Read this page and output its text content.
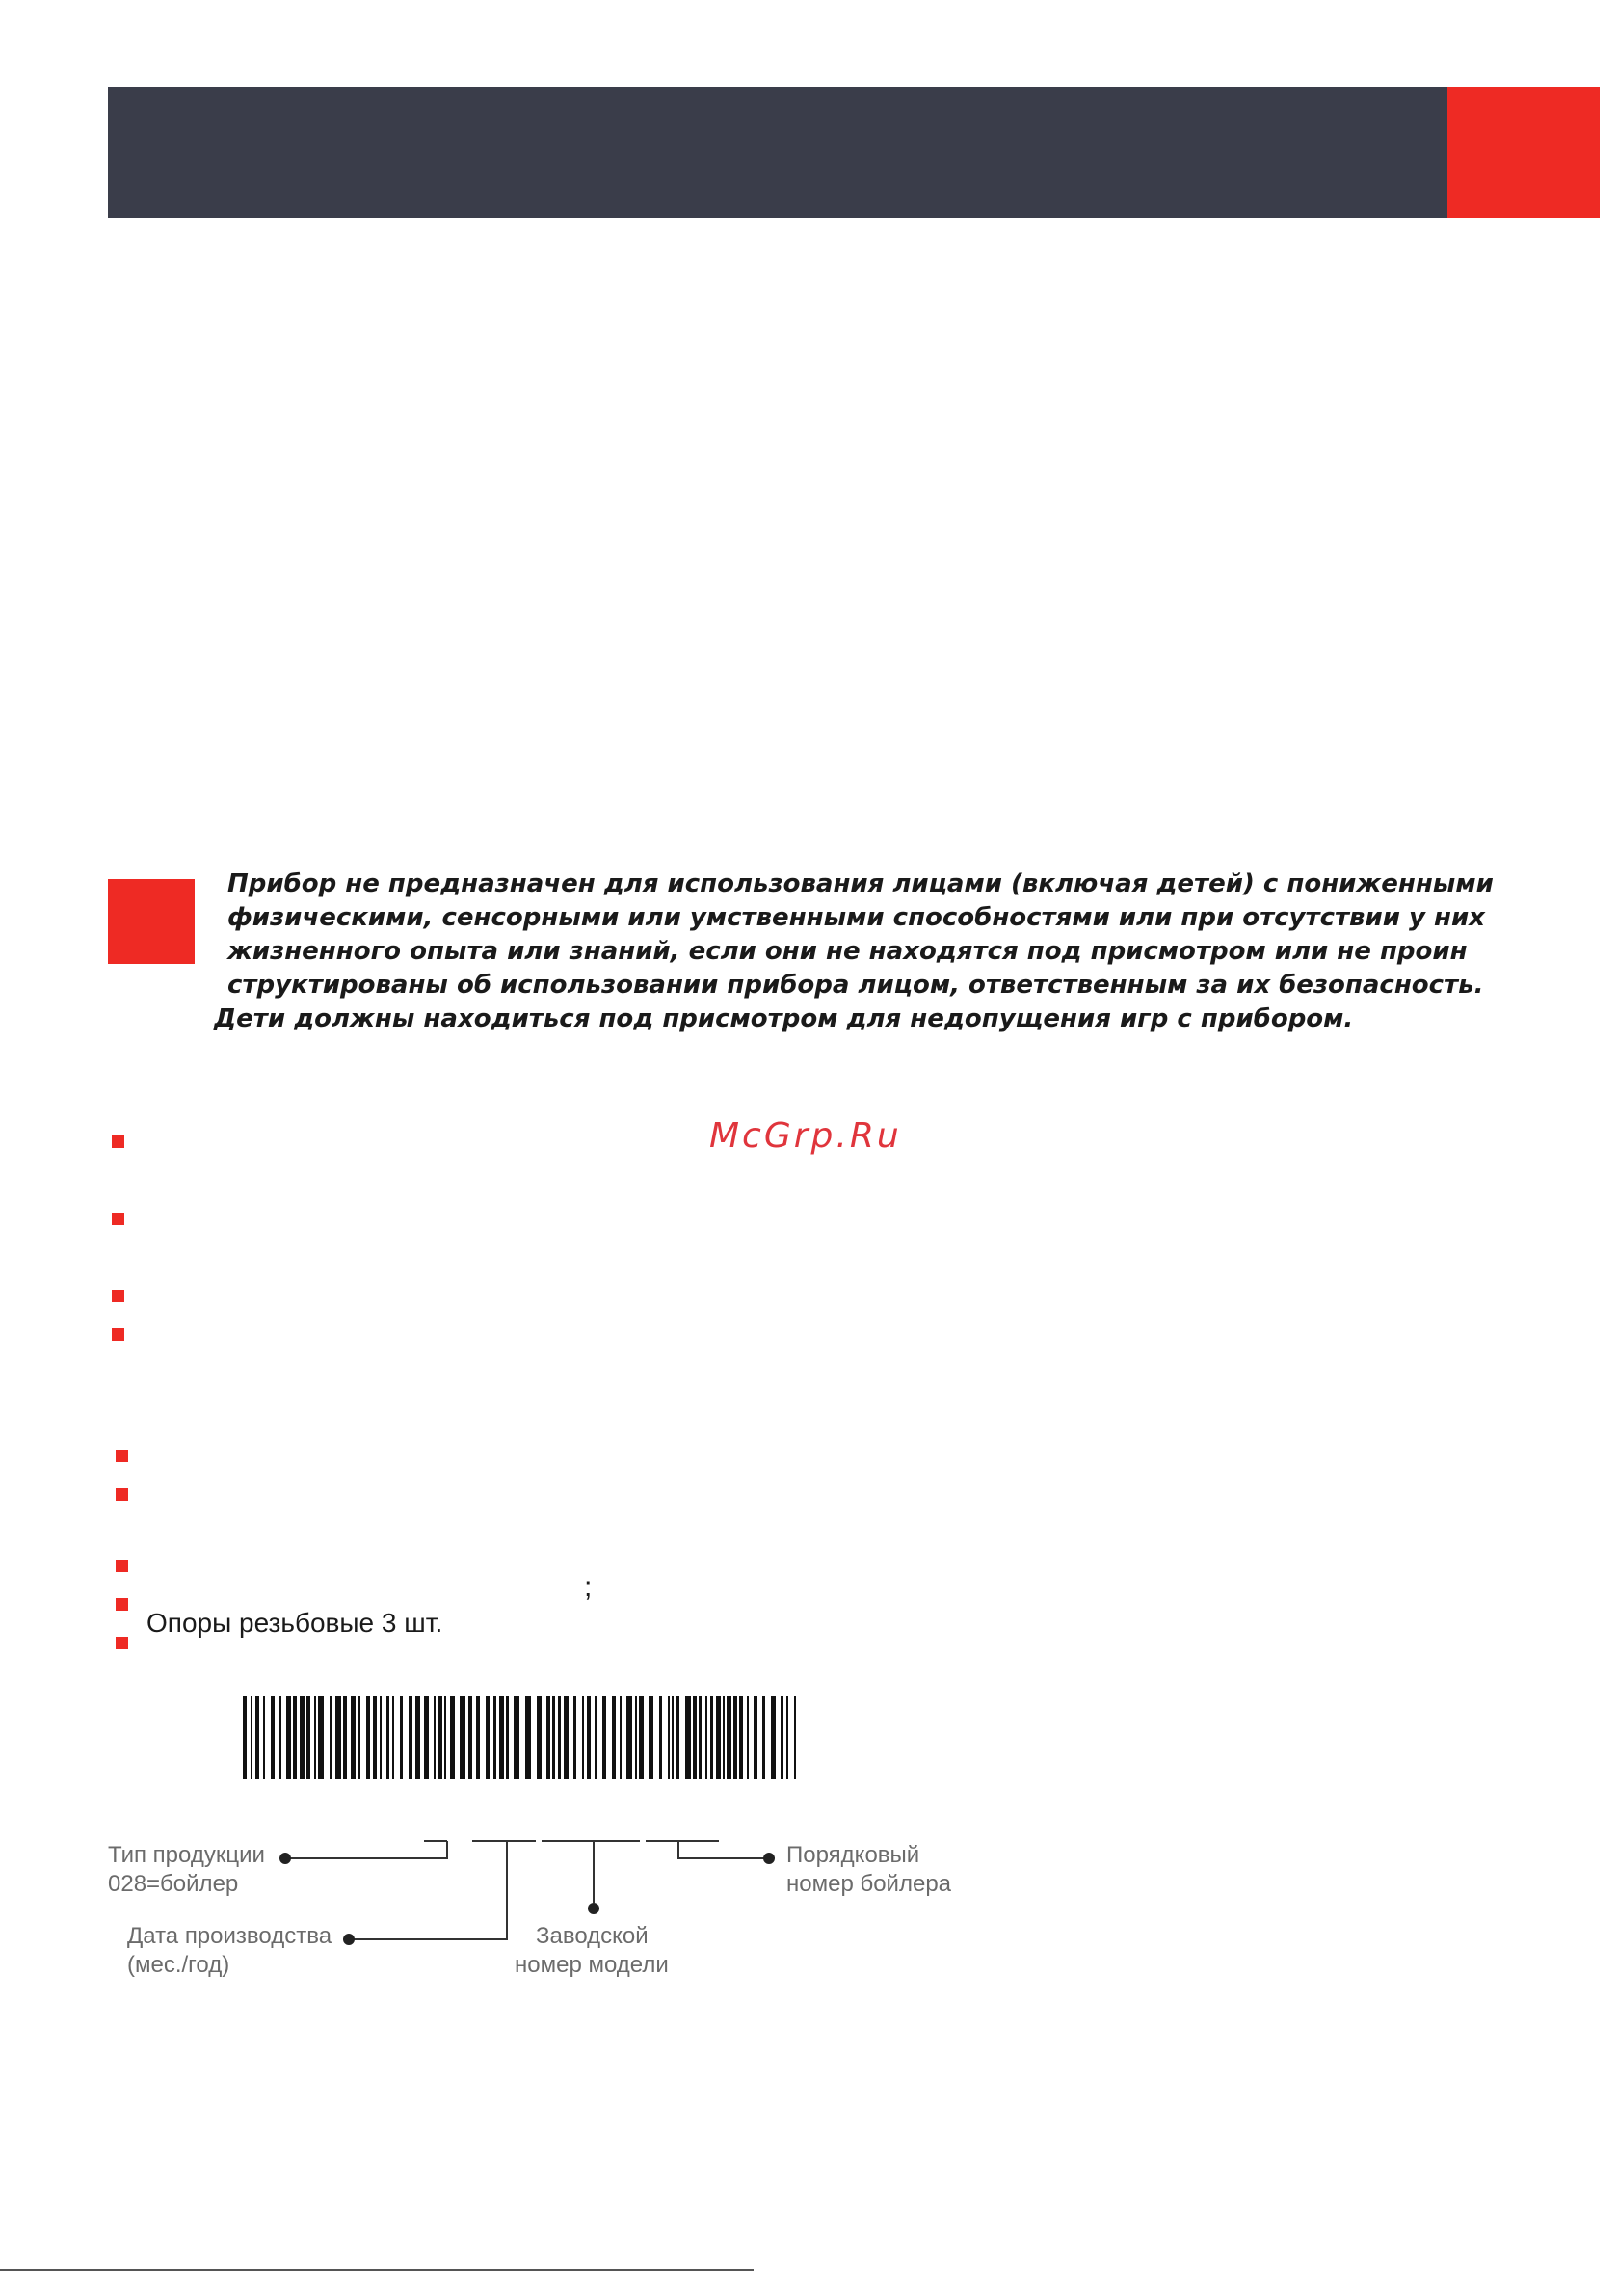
Прибор не предназначен для использования лицами (включая детей) с пониженными

физическими, сенсорными или умственными способностями или при отсутствии у них

жизненного опыта или знаний, если они не находятся под присмотром или не проин

структированы об использовании прибора лицом, ответственным за их безопасность.

Дети должны находиться под присмотром для недопущения игр с прибором.

McGrp.Ru

;

Опоры резьбовые 3 шт.

Тип продукции

028=бойлер

Дата производства

(мес./год)

Заводской

номер модели

Порядковый

номер бойлера
